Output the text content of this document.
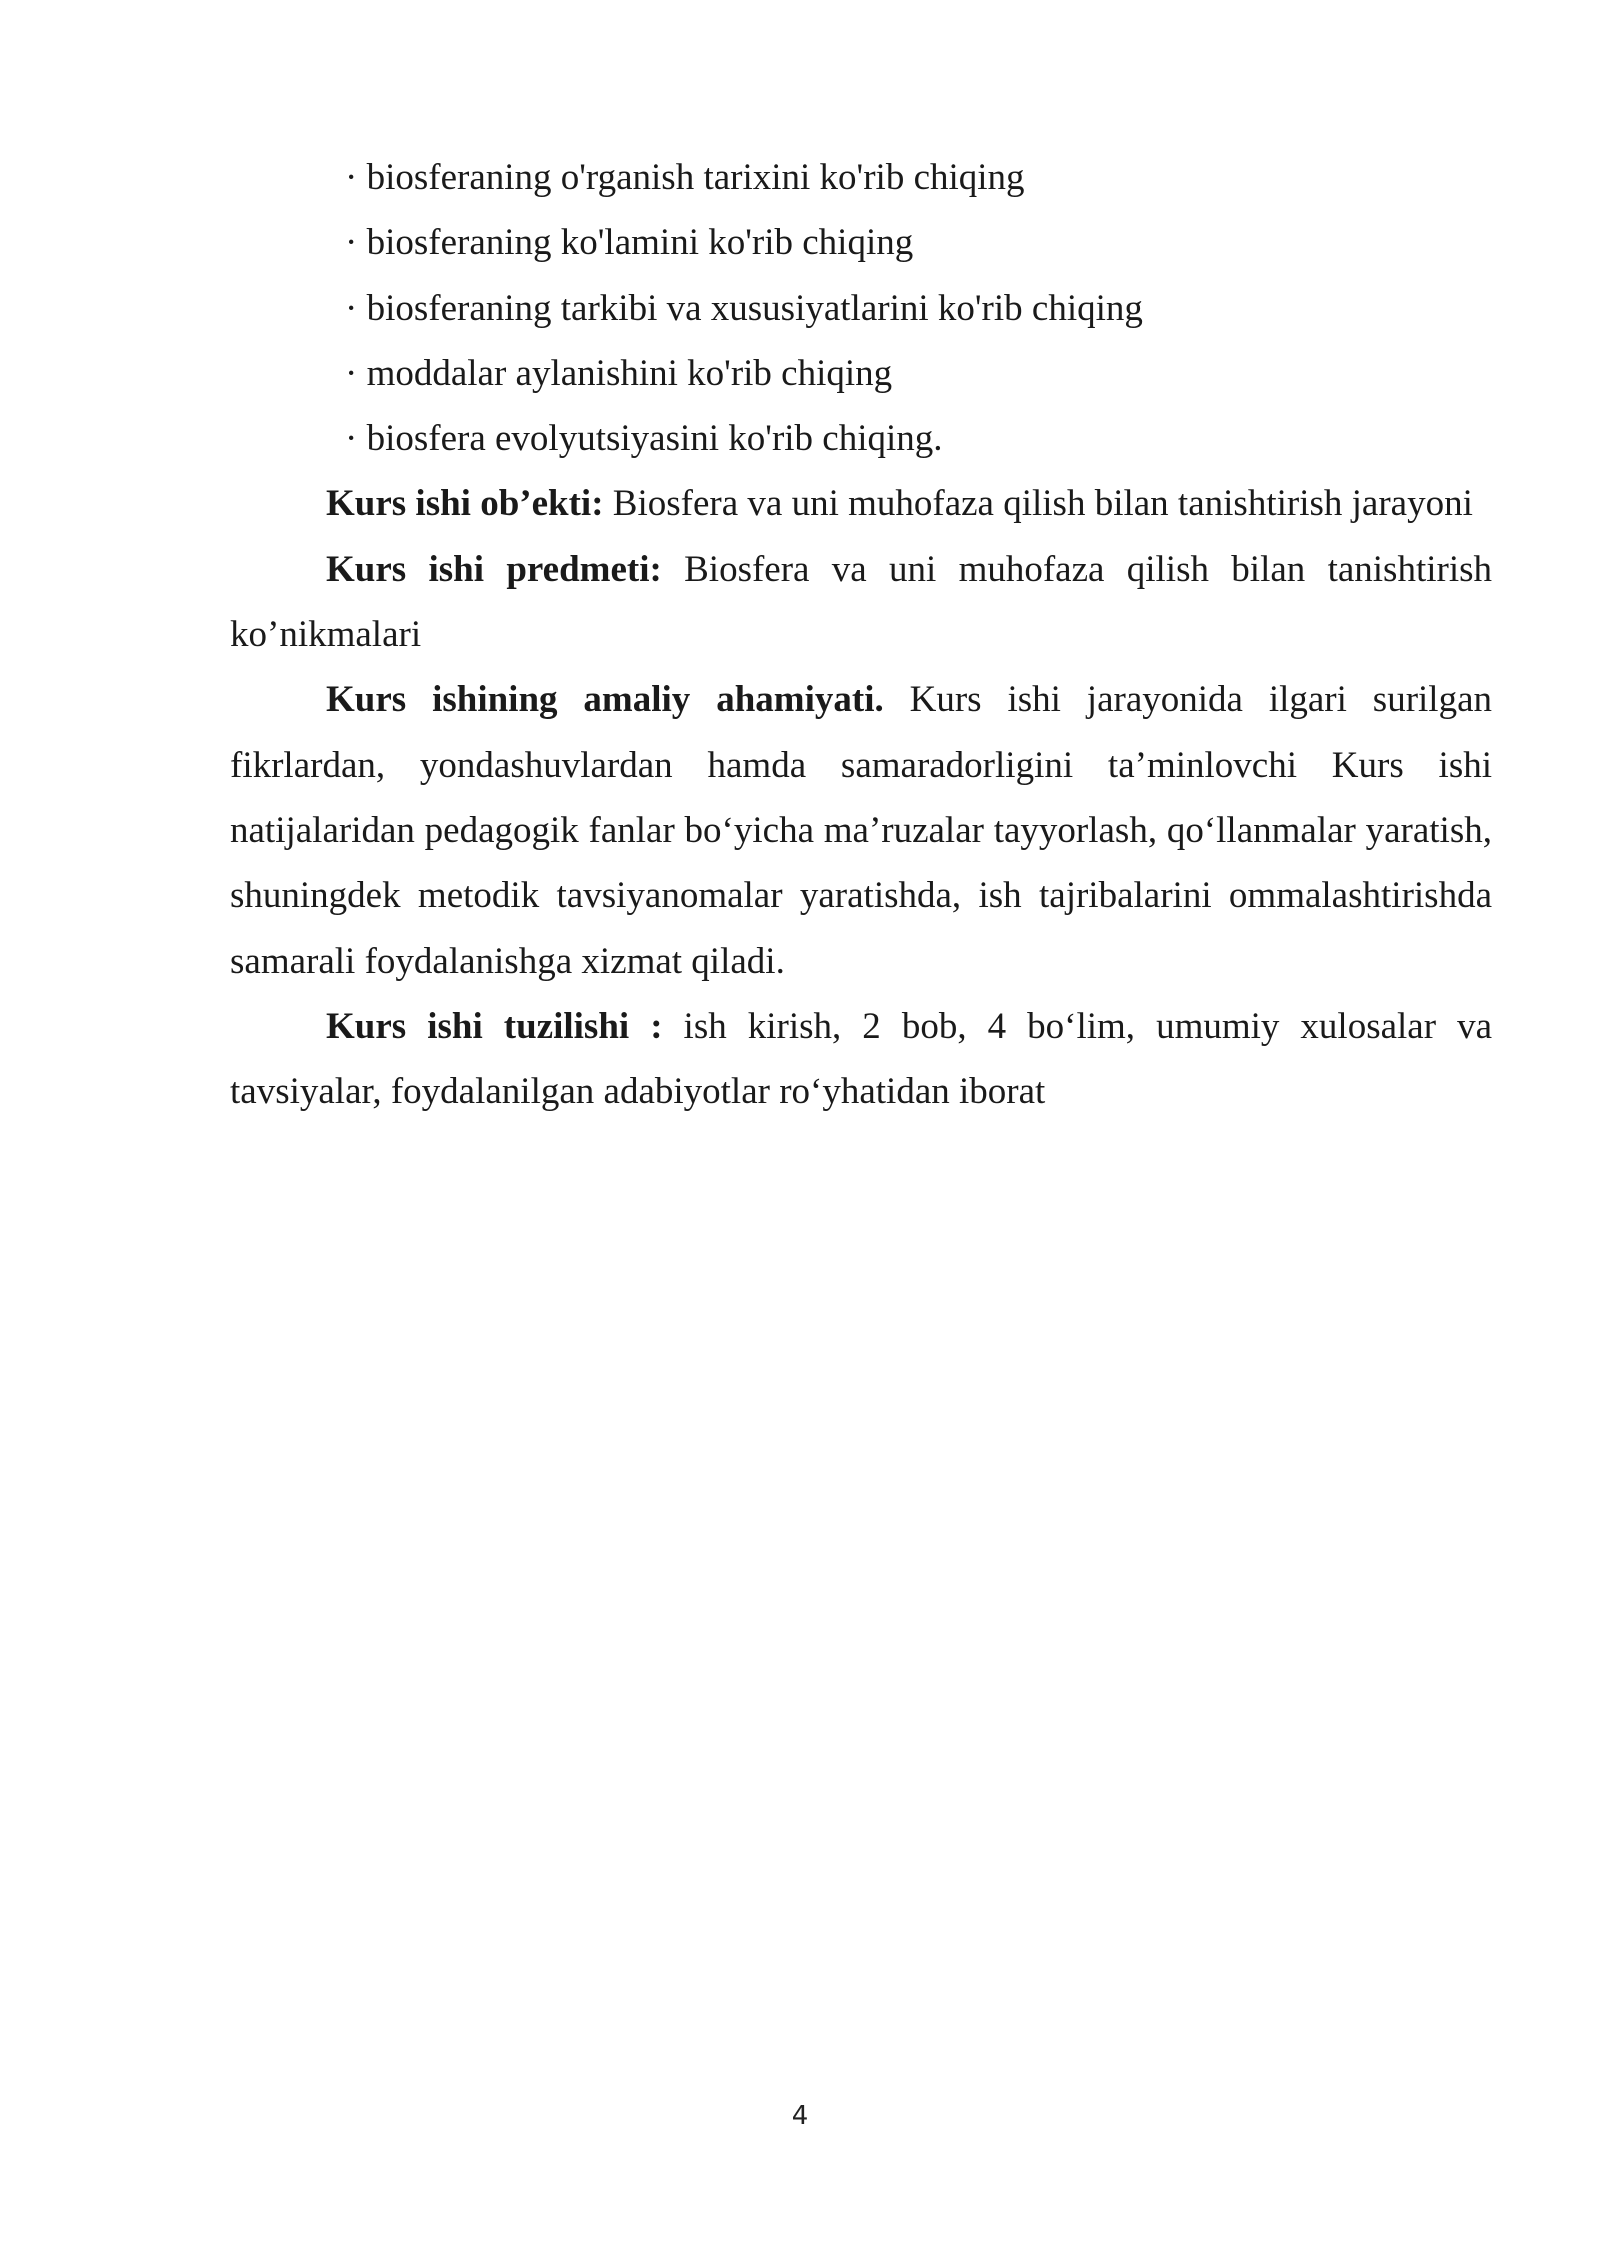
· biosferaning o'rganish tarixini ko'rib chiqing
· biosferaning ko'lamini ko'rib chiqing
· biosferaning tarkibi va xususiyatlarini ko'rib chiqing
· moddalar aylanishini ko'rib chiqing
· biosfera evolyutsiyasini ko'rib chiqing.

Kurs ishi ob’ekti: Biosfera va uni muhofaza qilish bilan tanishtirish jarayoni

Kurs ishi predmeti: Biosfera va uni muhofaza qilish bilan tanishtirish ko’nikmalari

Kurs ishining amaliy ahamiyati. Kurs ishi jarayonida ilgari surilgan fikrlardan, yondashuvlardan hamda samaradorligini ta’minlovchi Kurs ishi natijalaridan pedagogik fanlar bo‘yicha ma’ruzalar tayyorlash, qo‘llanmalar yaratish, shuningdek metodik tavsiyanomalar yaratishda, ish tajribalarini ommalashtirishda samarali foydalanishga xizmat qiladi.

Kurs ishi tuzilishi : ish kirish, 2 bob, 4 bo‘lim, umumiy xulosalar va tavsiyalar, foydalanilgan adabiyotlar ro‘yhatidan iborat

4
